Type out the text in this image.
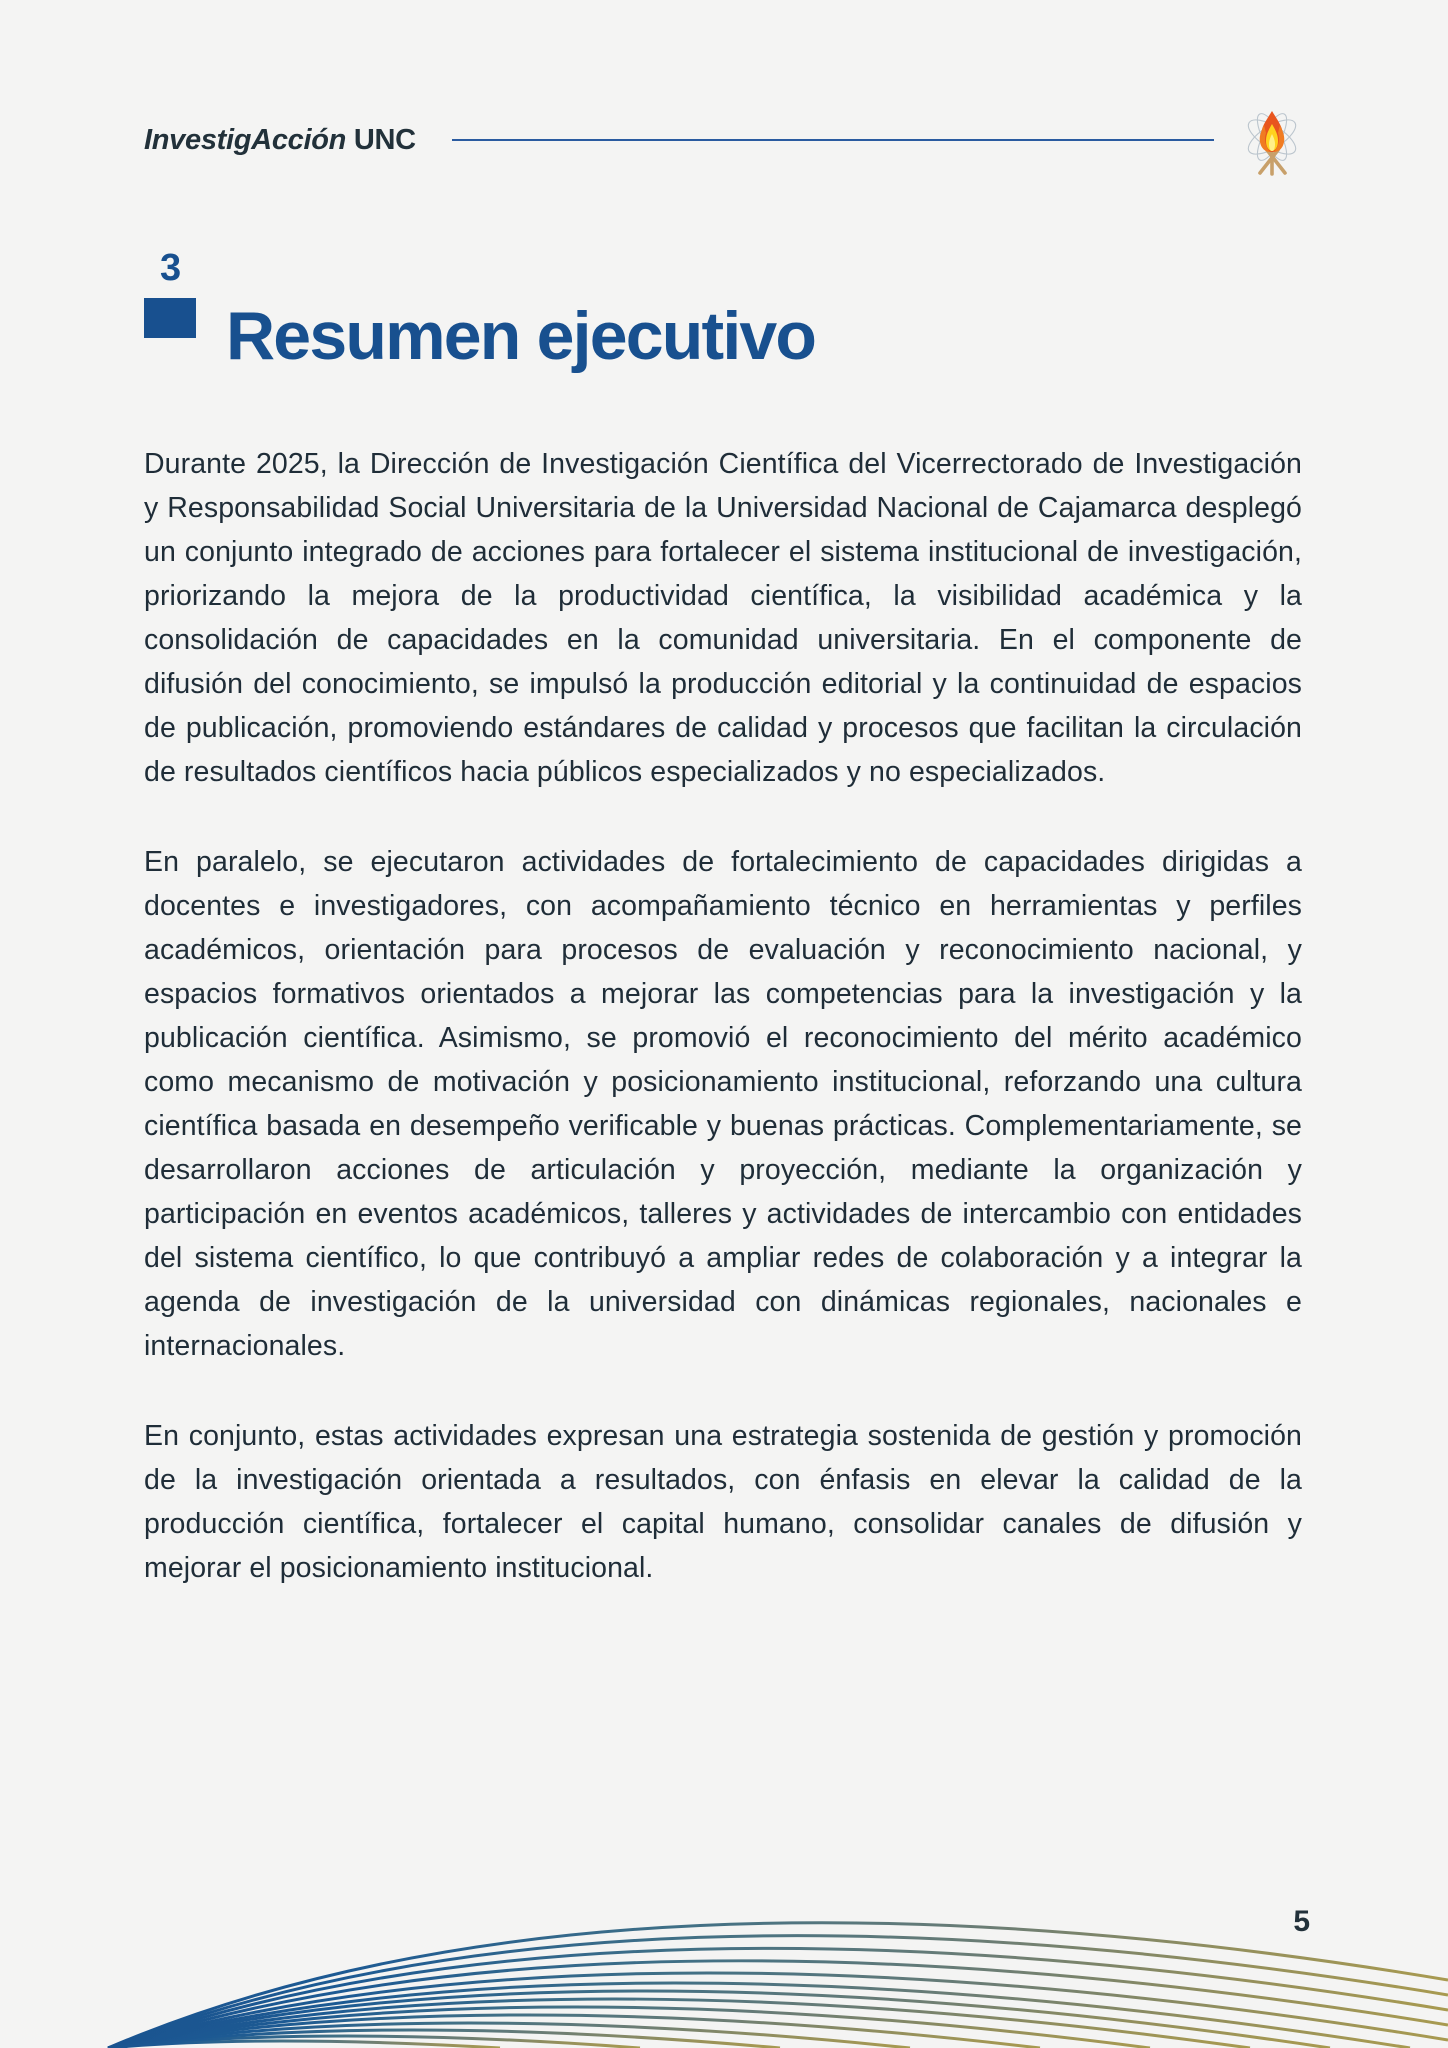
InvestigAcción UNC
3
Resumen ejecutivo

Durante 2025, la Dirección de Investigación Científica del Vicerrectorado de Investigación y Responsabilidad Social Universitaria de la Universidad Nacional de Cajamarca desplegó un conjunto integrado de acciones para fortalecer el sistema institucional de investigación, priorizando la mejora de la productividad científica, la visibilidad académica y la consolidación de capacidades en la comunidad universitaria. En el componente de difusión del conocimiento, se impulsó la producción editorial y la continuidad de espacios de publicación, promoviendo estándares de calidad y procesos que facilitan la circulación de resultados científicos hacia públicos especializados y no especializados.

En paralelo, se ejecutaron actividades de fortalecimiento de capacidades dirigidas a docentes e investigadores, con acompañamiento técnico en herramientas y perfiles académicos, orientación para procesos de evaluación y reconocimiento nacional, y espacios formativos orientados a mejorar las competencias para la investigación y la publicación científica. Asimismo, se promovió el reconocimiento del mérito académico como mecanismo de motivación y posicionamiento institucional, reforzando una cultura científica basada en desempeño verificable y buenas prácticas. Complementariamente, se desarrollaron acciones de articulación y proyección, mediante la organización y participación en eventos académicos, talleres y actividades de intercambio con entidades del sistema científico, lo que contribuyó a ampliar redes de colaboración y a integrar la agenda de investigación de la universidad con dinámicas regionales, nacionales e internacionales.

En conjunto, estas actividades expresan una estrategia sostenida de gestión y promoción de la investigación orientada a resultados, con énfasis en elevar la calidad de la producción científica, fortalecer el capital humano, consolidar canales de difusión y mejorar el posicionamiento institucional.

5
